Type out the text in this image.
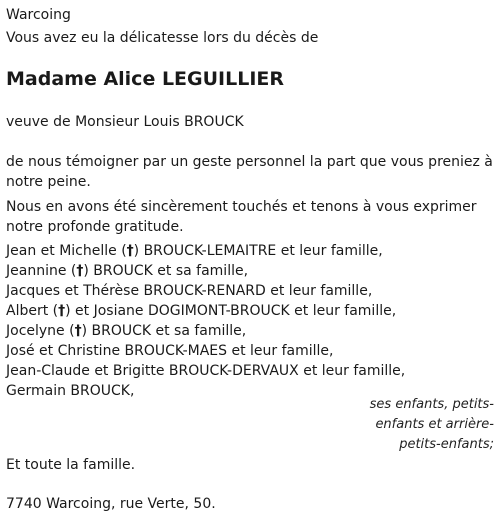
Warcoing
Vous avez eu la délicatesse lors du décès de
Madame Alice LEGUILLIER
veuve de Monsieur Louis BROUCK
de nous témoigner par un geste personnel la part que vous preniez à notre peine.
Nous en avons été sincèrement touchés et tenons à vous exprimer notre profonde gratitude.
Jean et Michelle (†) BROUCK-LEMAITRE et leur famille,
Jeannine (†) BROUCK et sa famille,
Jacques et Thérèse BROUCK-RENARD et leur famille,
Albert (†) et Josiane DOGIMONT-BROUCK et leur famille,
Jocelyne (†) BROUCK et sa famille,
José et Christine BROUCK-MAES et leur famille,
Jean-Claude et Brigitte BROUCK-DERVAUX et leur famille,
Germain BROUCK,
ses enfants, petits-
enfants et arrière-
petits-enfants;
Et toute la famille.
7740 Warcoing, rue Verte, 50.
